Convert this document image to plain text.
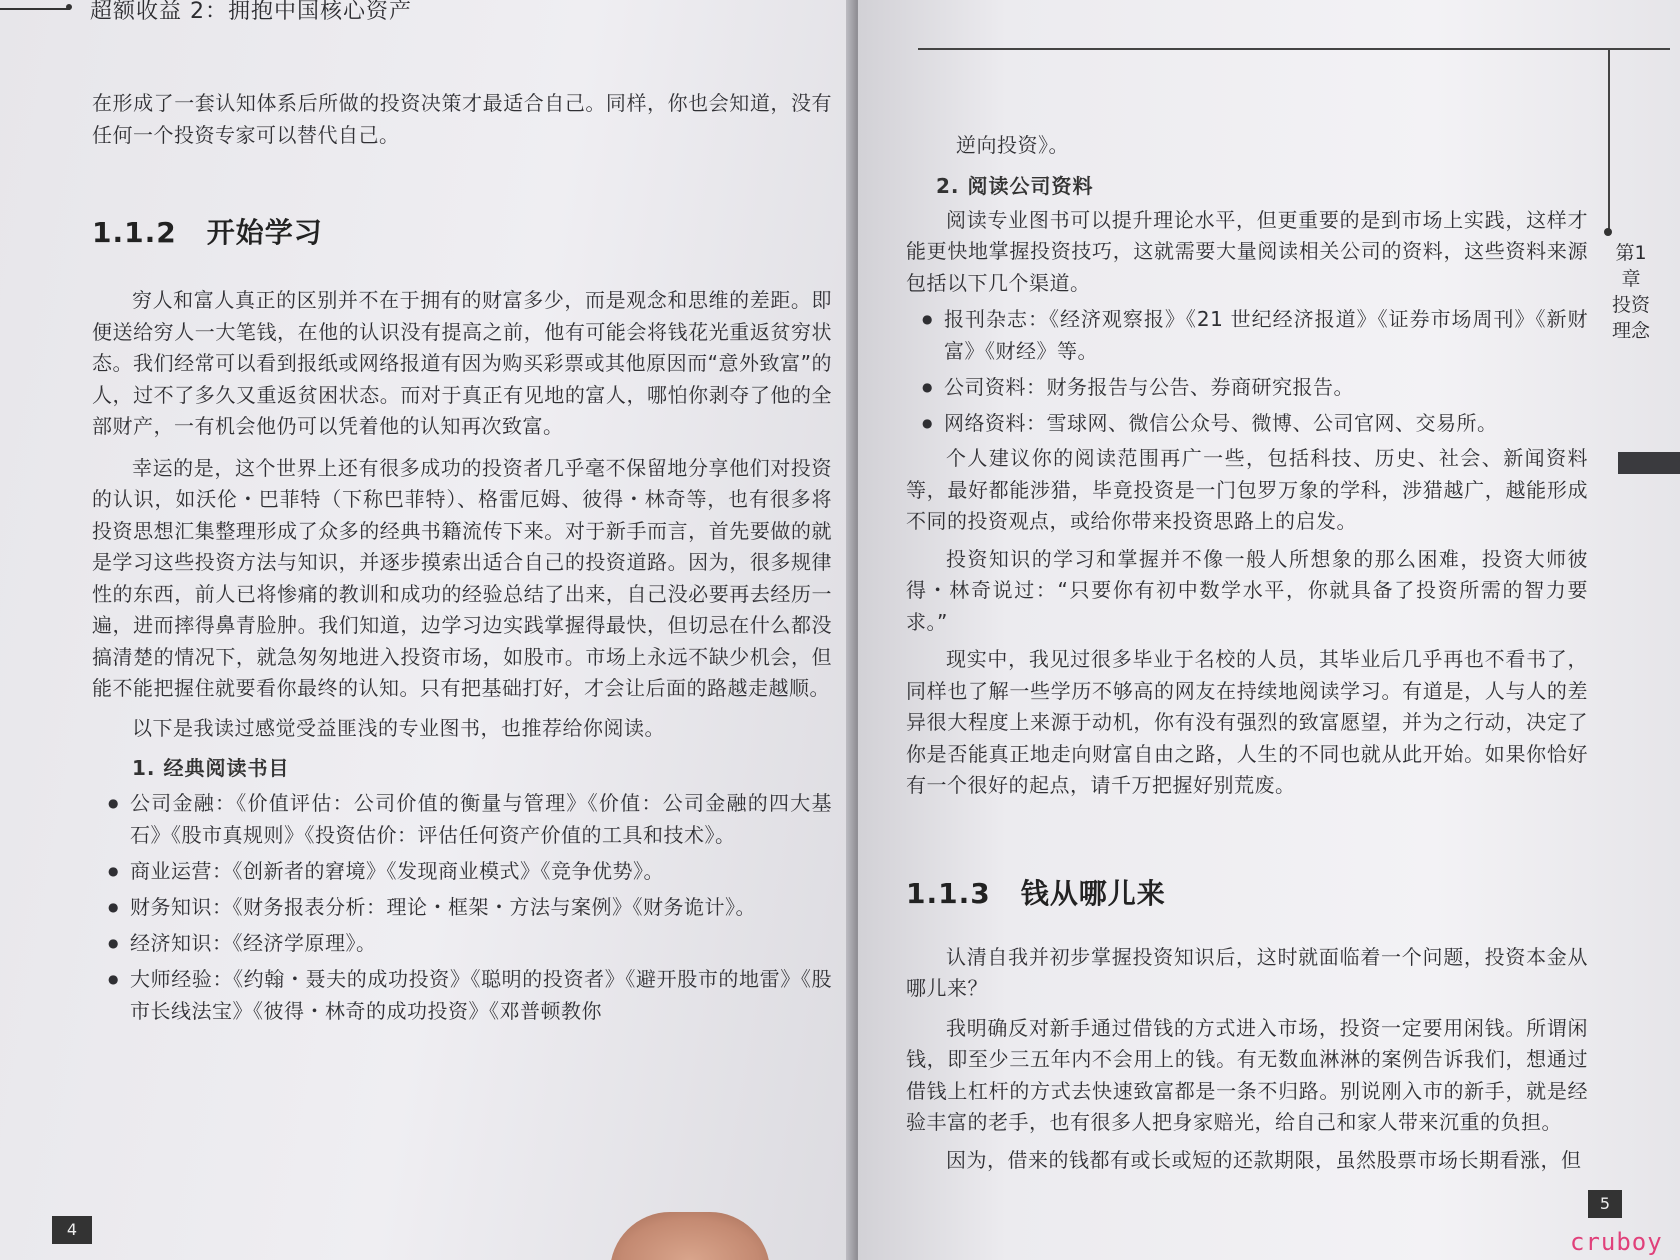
超额收益 2：拥抱中国核心资产

在形成了一套认知体系后所做的投资决策才最适合自己。同样，你也会知道，没有任何一个投资专家可以替代自己。

1.1.2 开始学习

穷人和富人真正的区别并不在于拥有的财富多少，而是观念和思维的差距。即便送给穷人一大笔钱，在他的认识没有提高之前，他有可能会将钱花光重返贫穷状态。我们经常可以看到报纸或网络报道有因为购买彩票或其他原因而“意外致富”的人，过不了多久又重返贫困状态。而对于真正有见地的富人，哪怕你剥夺了他的全部财产，一有机会他仍可以凭着他的认知再次致富。

幸运的是，这个世界上还有很多成功的投资者几乎毫不保留地分享他们对投资的认识，如沃伦・巴菲特（下称巴菲特）、格雷厄姆、彼得・林奇等，也有很多将投资思想汇集整理形成了众多的经典书籍流传下来。对于新手而言，首先要做的就是学习这些投资方法与知识，并逐步摸索出适合自己的投资道路。因为，很多规律性的东西，前人已将惨痛的教训和成功的经验总结了出来，自己没必要再去经历一遍，进而摔得鼻青脸肿。我们知道，边学习边实践掌握得最快，但切忌在什么都没搞清楚的情况下，就急匆匆地进入投资市场，如股市。市场上永远不缺少机会，但能不能把握住就要看你最终的认知。只有把基础打好，才会让后面的路越走越顺。

以下是我读过感觉受益匪浅的专业图书，也推荐给你阅读。

1. 经典阅读书目
● 公司金融：《价值评估：公司价值的衡量与管理》《价值：公司金融的四大基石》《股市真规则》《投资估价：评估任何资产价值的工具和技术》。
● 商业运营：《创新者的窘境》《发现商业模式》《竞争优势》。
● 财务知识：《财务报表分析：理论・框架・方法与案例》《财务诡计》。
● 经济知识：《经济学原理》。
● 大师经验：《约翰・聂夫的成功投资》《聪明的投资者》《避开股市的地雷》《股市长线法宝》《彼得・林奇的成功投资》《邓普顿教你
4
第1章 投资理念

逆向投资》。

2. 阅读公司资料

阅读专业图书可以提升理论水平，但更重要的是到市场上实践，这样才能更快地掌握投资技巧，这就需要大量阅读相关公司的资料，这些资料来源包括以下几个渠道。

● 报刊杂志：《经济观察报》《21 世纪经济报道》《证券市场周刊》《新财富》《财经》等。
● 公司资料：财务报告与公告、券商研究报告。
● 网络资料：雪球网、微信公众号、微博、公司官网、交易所。

个人建议你的阅读范围再广一些，包括科技、历史、社会、新闻资料等，最好都能涉猎，毕竟投资是一门包罗万象的学科，涉猎越广，越能形成不同的投资观点，或给你带来投资思路上的启发。

投资知识的学习和掌握并不像一般人所想象的那么困难，投资大师彼得・林奇说过：“只要你有初中数学水平，你就具备了投资所需的智力要求。”

现实中，我见过很多毕业于名校的人员，其毕业后几乎再也不看书了，同样也了解一些学历不够高的网友在持续地阅读学习。有道是，人与人的差异很大程度上来源于动机，你有没有强烈的致富愿望，并为之行动，决定了你是否能真正地走向财富自由之路，人生的不同也就从此开始。如果你恰好有一个很好的起点，请千万把握好别荒废。

1.1.3 钱从哪儿来

认清自我并初步掌握投资知识后，这时就面临着一个问题，投资本金从哪儿来？

我明确反对新手通过借钱的方式进入市场，投资一定要用闲钱。所谓闲钱，即至少三五年内不会用上的钱。有无数血淋淋的案例告诉我们，想通过借钱上杠杆的方式去快速致富都是一条不归路。别说刚入市的新手，就是经验丰富的老手，也有很多人把身家赔光，给自己和家人带来沉重的负担。

因为，借来的钱都有或长或短的还款期限，虽然股票市场长期看涨，但

5
cruboy
